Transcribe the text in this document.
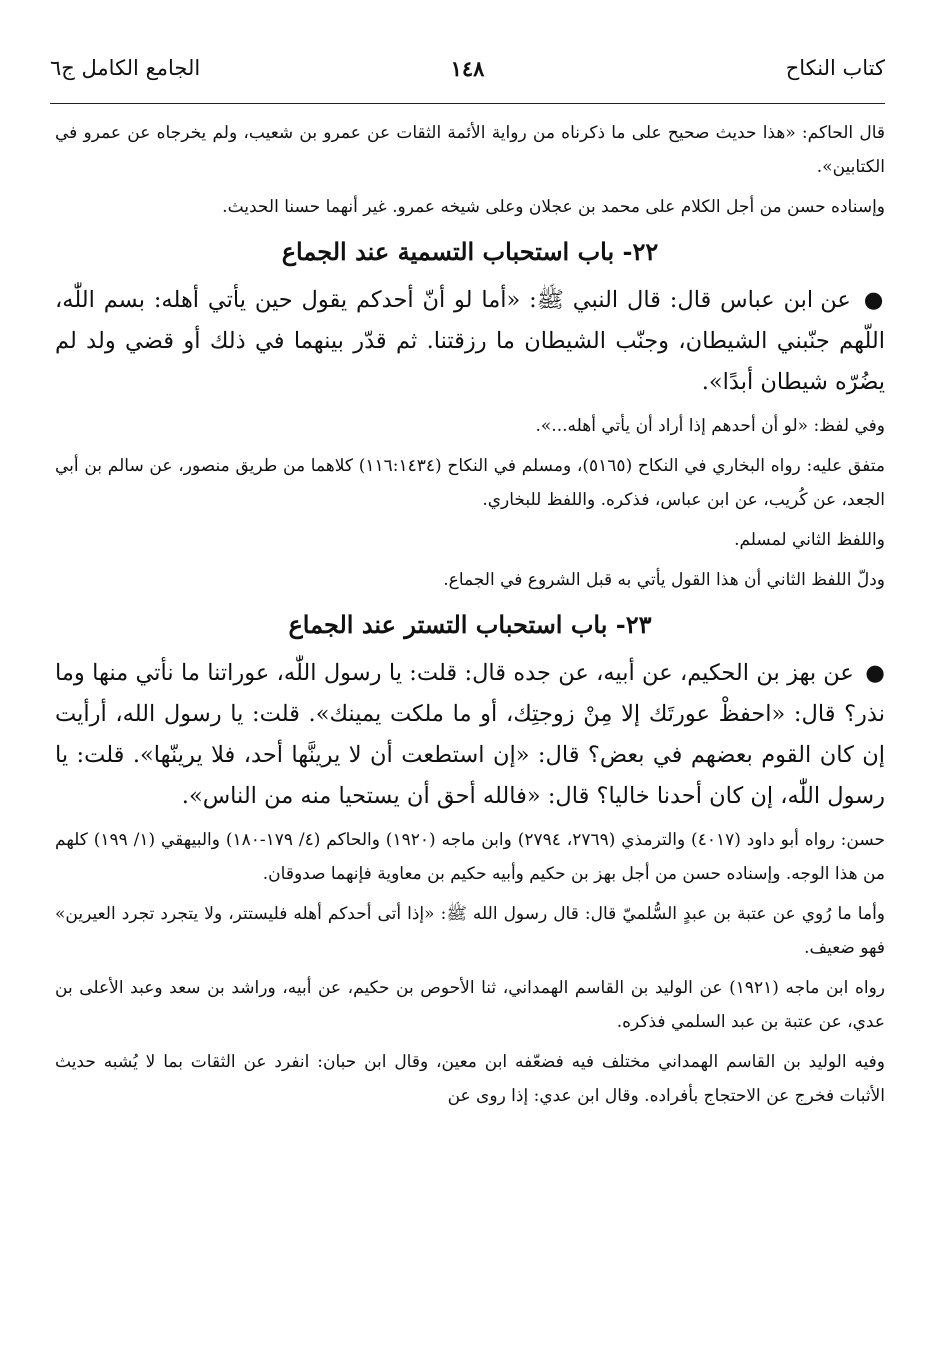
كتاب النكاح
١٤٨
الجامع الكامل ج٦

قال الحاكم: «هذا حديث صحيح على ما ذكرناه من رواية الأئمة الثقات عن عمرو بن شعيب، ولم يخرجاه عن عمرو في الكتابين».

وإسناده حسن من أجل الكلام على محمد بن عجلان وعلى شيخه عمرو. غير أنهما حسنا الحديث.

٢٢- باب استحباب التسمية عند الجماع

● عن ابن عباس قال: قال النبي ﷺ: «أما لو أنّ أحدكم يقول حين يأتي أهله: بسم اللّٰه، اللّهم جنّبني الشيطان، وجنّب الشيطان ما رزقتنا. ثم قدّر بينهما في ذلك أو قضي ولد لم يضُرّه شيطان أبدًا».

وفي لفظ: «لو أن أحدهم إذا أراد أن يأتي أهله...».

متفق عليه: رواه البخاري في النكاح (٥١٦٥)، ومسلم في النكاح (١١٦:١٤٣٤) كلاهما من طريق منصور، عن سالم بن أبي الجعد، عن كُريب، عن ابن عباس، فذكره. واللفظ للبخاري.

واللفظ الثاني لمسلم.

ودلّ اللفظ الثاني أن هذا القول يأتي به قبل الشروع في الجماع.

٢٣- باب استحباب التستر عند الجماع

● عن بهز بن الحكيم، عن أبيه، عن جده قال: قلت: يا رسول اللّٰه، عوراتنا ما نأتي منها وما نذر؟ قال: «احفظْ عورتَك إلا مِنْ زوجتِك، أو ما ملكت يمينك». قلت: يا رسول الله، أرأيت إن كان القوم بعضهم في بعض؟ قال: «إن استطعت أن لا يرينَّها أحد، فلا يرينّها». قلت: يا رسول اللّٰه، إن كان أحدنا خاليا؟ قال: «فالله أحق أن يستحيا منه من الناس».

حسن: رواه أبو داود (٤٠١٧) والترمذي (٢٧٦٩، ٢٧٩٤) وابن ماجه (١٩٢٠) والحاكم (٤/ ١٧٩-١٨٠) والبيهقي (١/ ١٩٩) كلهم من هذا الوجه. وإسناده حسن من أجل بهز بن حكيم وأبيه حكيم بن معاوية فإنهما صدوقان.

وأما ما رُوي عن عتبة بن عبدٍ السُّلميّ قال: قال رسول الله ﷺ: «إذا أتى أحدكم أهله فليستتر، ولا يتجرد تجرد العيرين» فهو ضعيف.

رواه ابن ماجه (١٩٢١) عن الوليد بن القاسم الهمداني، ثنا الأحوص بن حكيم، عن أبيه، وراشد بن سعد وعبد الأعلى بن عدي، عن عتبة بن عبد السلمي فذكره.

وفيه الوليد بن القاسم الهمداني مختلف فيه فضعّفه ابن معين، وقال ابن حبان: انفرد عن الثقات بما لا يُشبه حديث الأثبات فخرج عن الاحتجاج بأفراده. وقال ابن عدي: إذا روى عن
